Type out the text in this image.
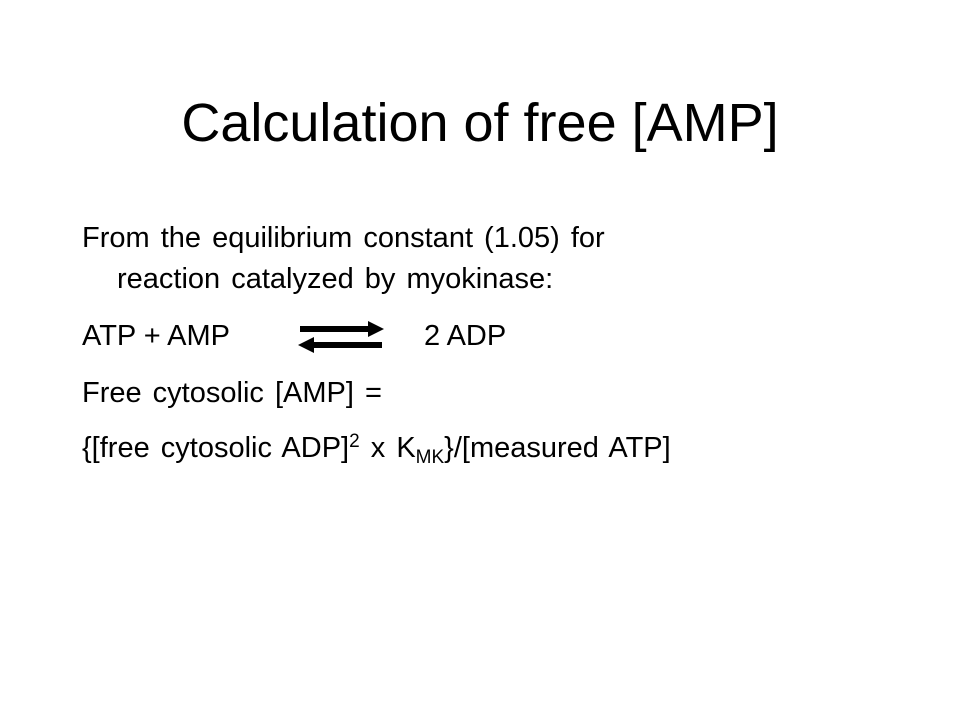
Calculation of free [AMP]
From the equilibrium constant (1.05) for
reaction catalyzed by myokinase:
ATP + AMP	2 ADP
Free cytosolic [AMP] =
{[free cytosolic ADP]$^2$ x $K_{MK}\}/[measured$ ATP]
